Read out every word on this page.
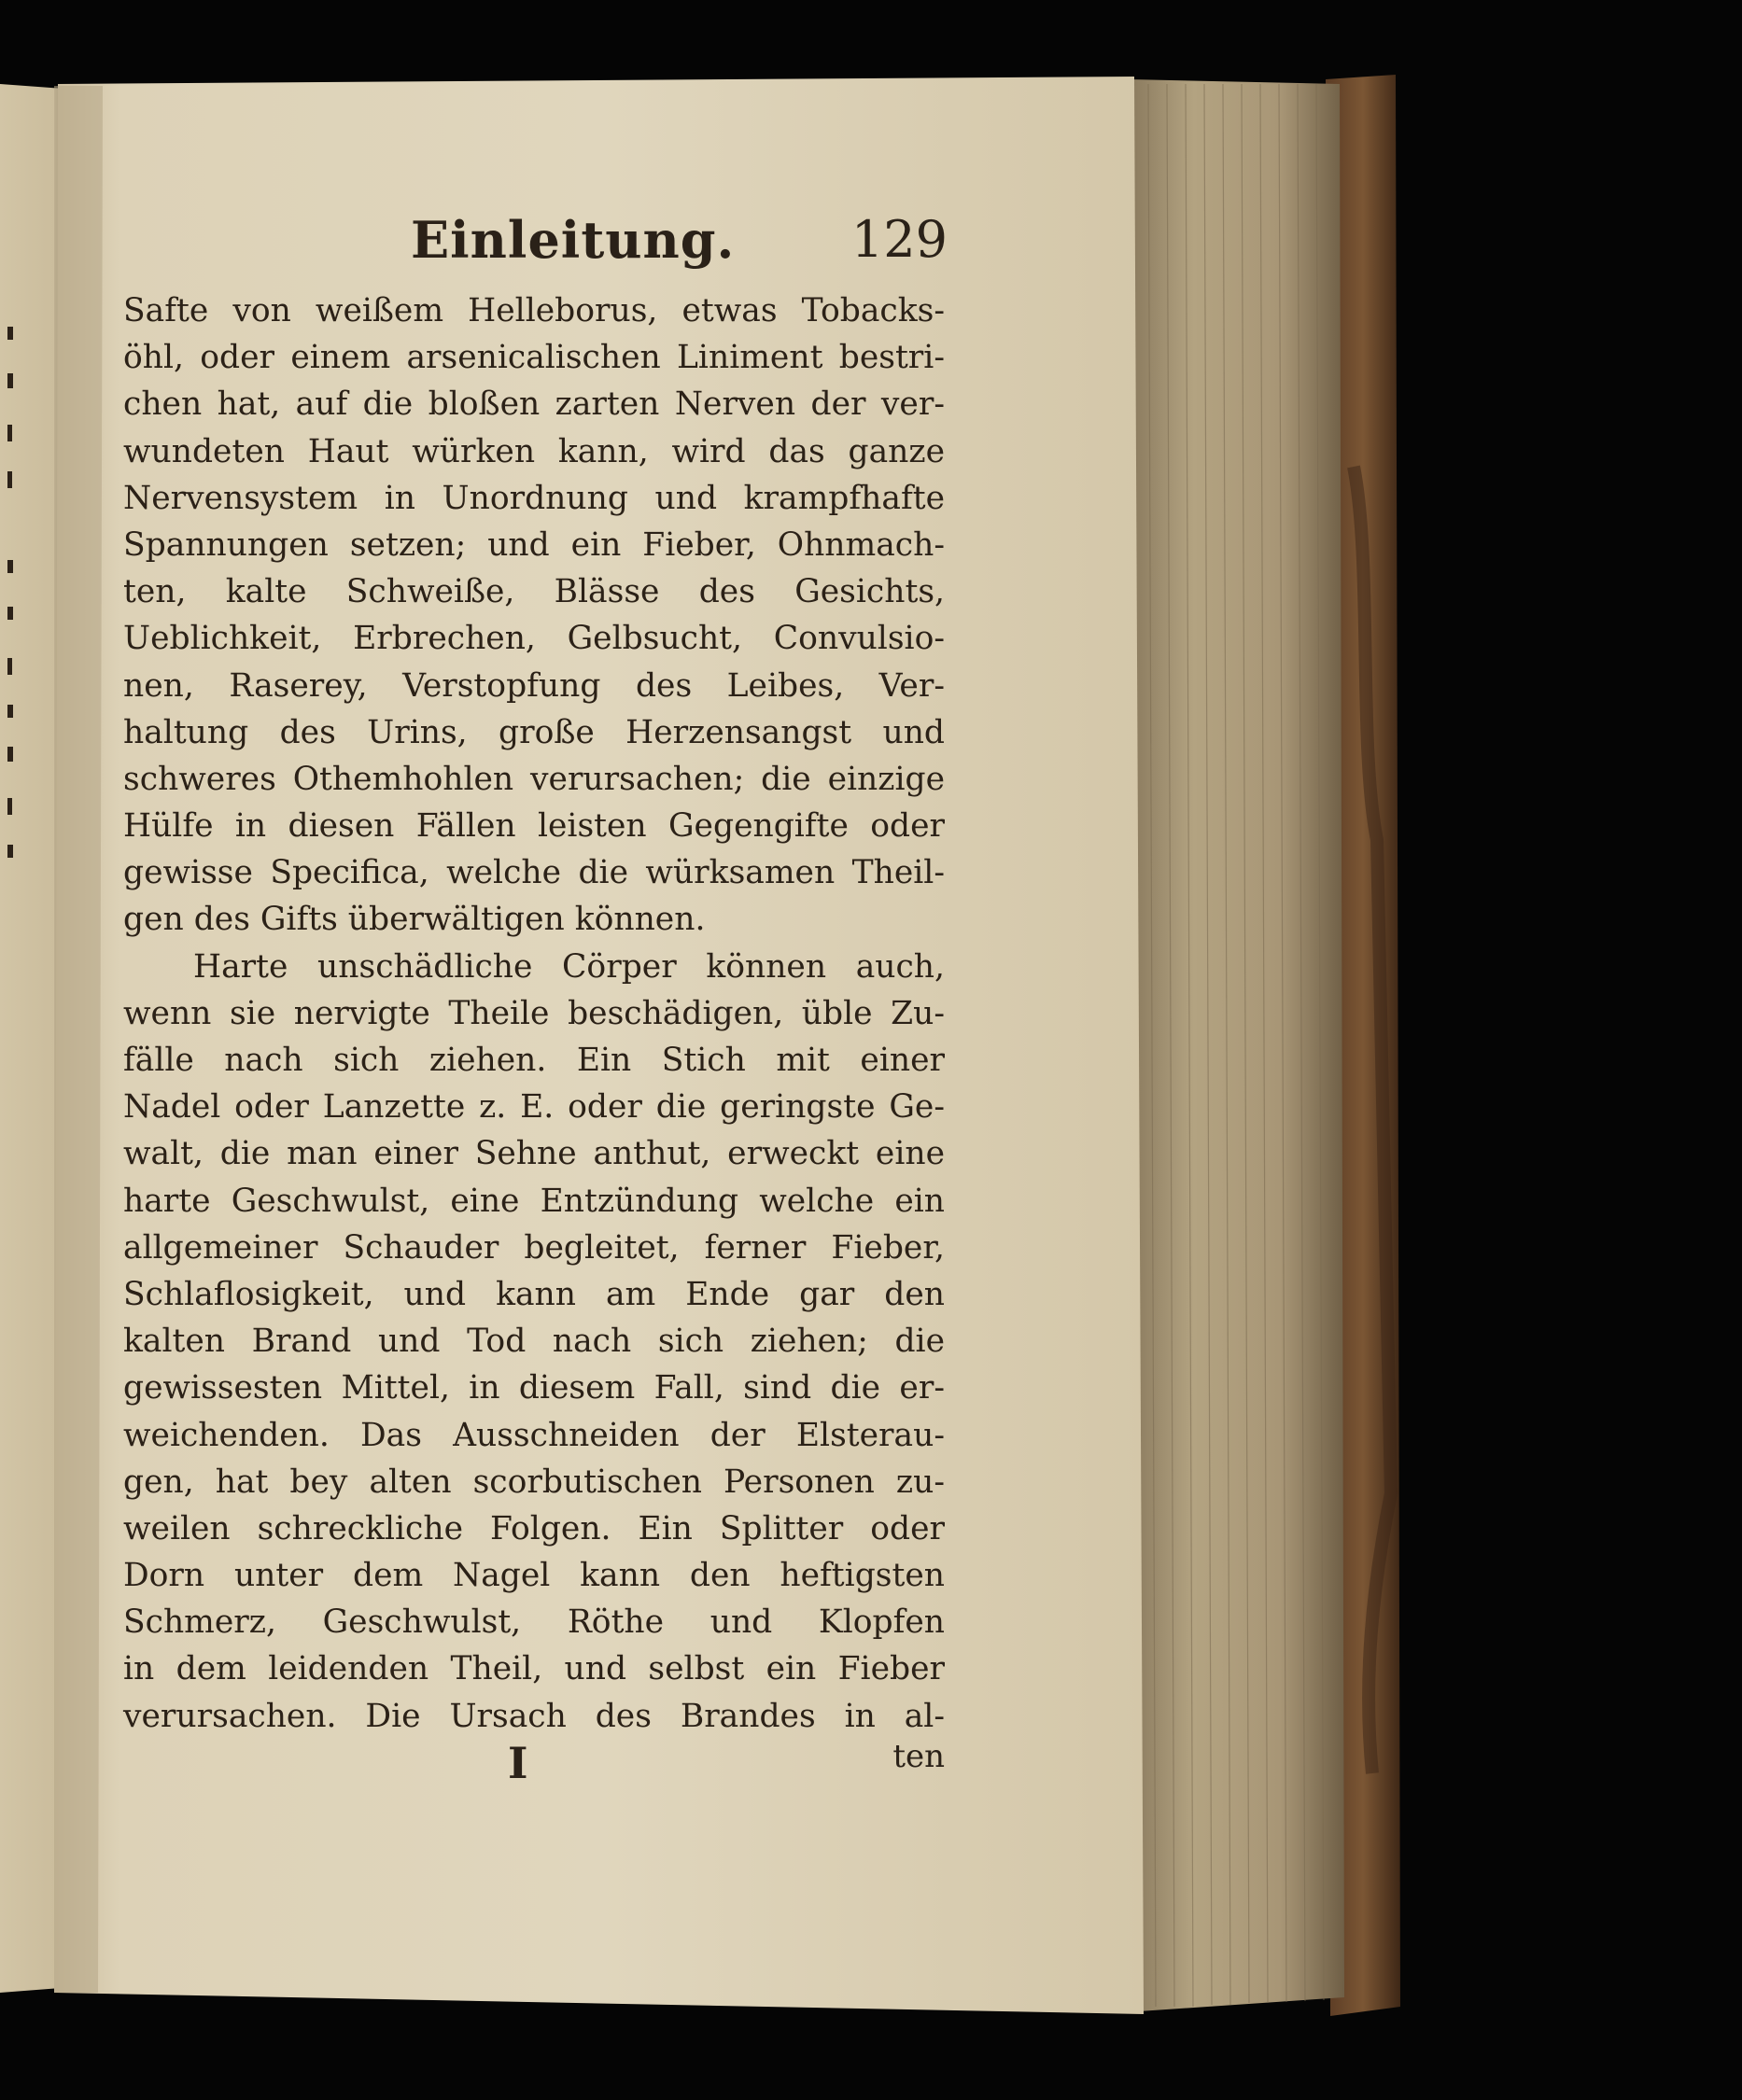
Einleitung. 129
Safte von weißem Helleborus, etwas Tobacks-
öhl, oder einem arsenicalischen Liniment bestri-
chen hat, auf die bloßen zarten Nerven der ver-
wundeten Haut würken kann, wird das ganze
Nervensystem in Unordnung und krampfhafte
Spannungen setzen; und ein Fieber, Ohnmach-
ten, kalte Schweiße, Blässe des Gesichts,
Ueblichkeit, Erbrechen, Gelbsucht, Convulsio-
nen, Raserey, Verstopfung des Leibes, Ver-
haltung des Urins, große Herzensangst und
schweres Othemhohlen verursachen; die einzige
Hülfe in diesen Fällen leisten Gegengifte oder
gewisse Specifica, welche die würksamen Theil-
gen des Gifts überwältigen können.
Harte unschädliche Cörper können auch,
wenn sie nervigte Theile beschädigen, üble Zu-
fälle nach sich ziehen. Ein Stich mit einer
Nadel oder Lanzette z. E. oder die geringste Ge-
walt, die man einer Sehne anthut, erweckt eine
harte Geschwulst, eine Entzündung welche ein
allgemeiner Schauder begleitet, ferner Fieber,
Schlaflosigkeit, und kann am Ende gar den
kalten Brand und Tod nach sich ziehen; die
gewissesten Mittel, in diesem Fall, sind die er-
weichenden. Das Ausschneiden der Elsterau-
gen, hat bey alten scorbutischen Personen zu-
weilen schreckliche Folgen. Ein Splitter oder
Dorn unter dem Nagel kann den heftigsten
Schmerz, Geschwulst, Röthe und Klopfen
in dem leidenden Theil, und selbst ein Fieber
verursachen. Die Ursach des Brandes in al-
I	ten
